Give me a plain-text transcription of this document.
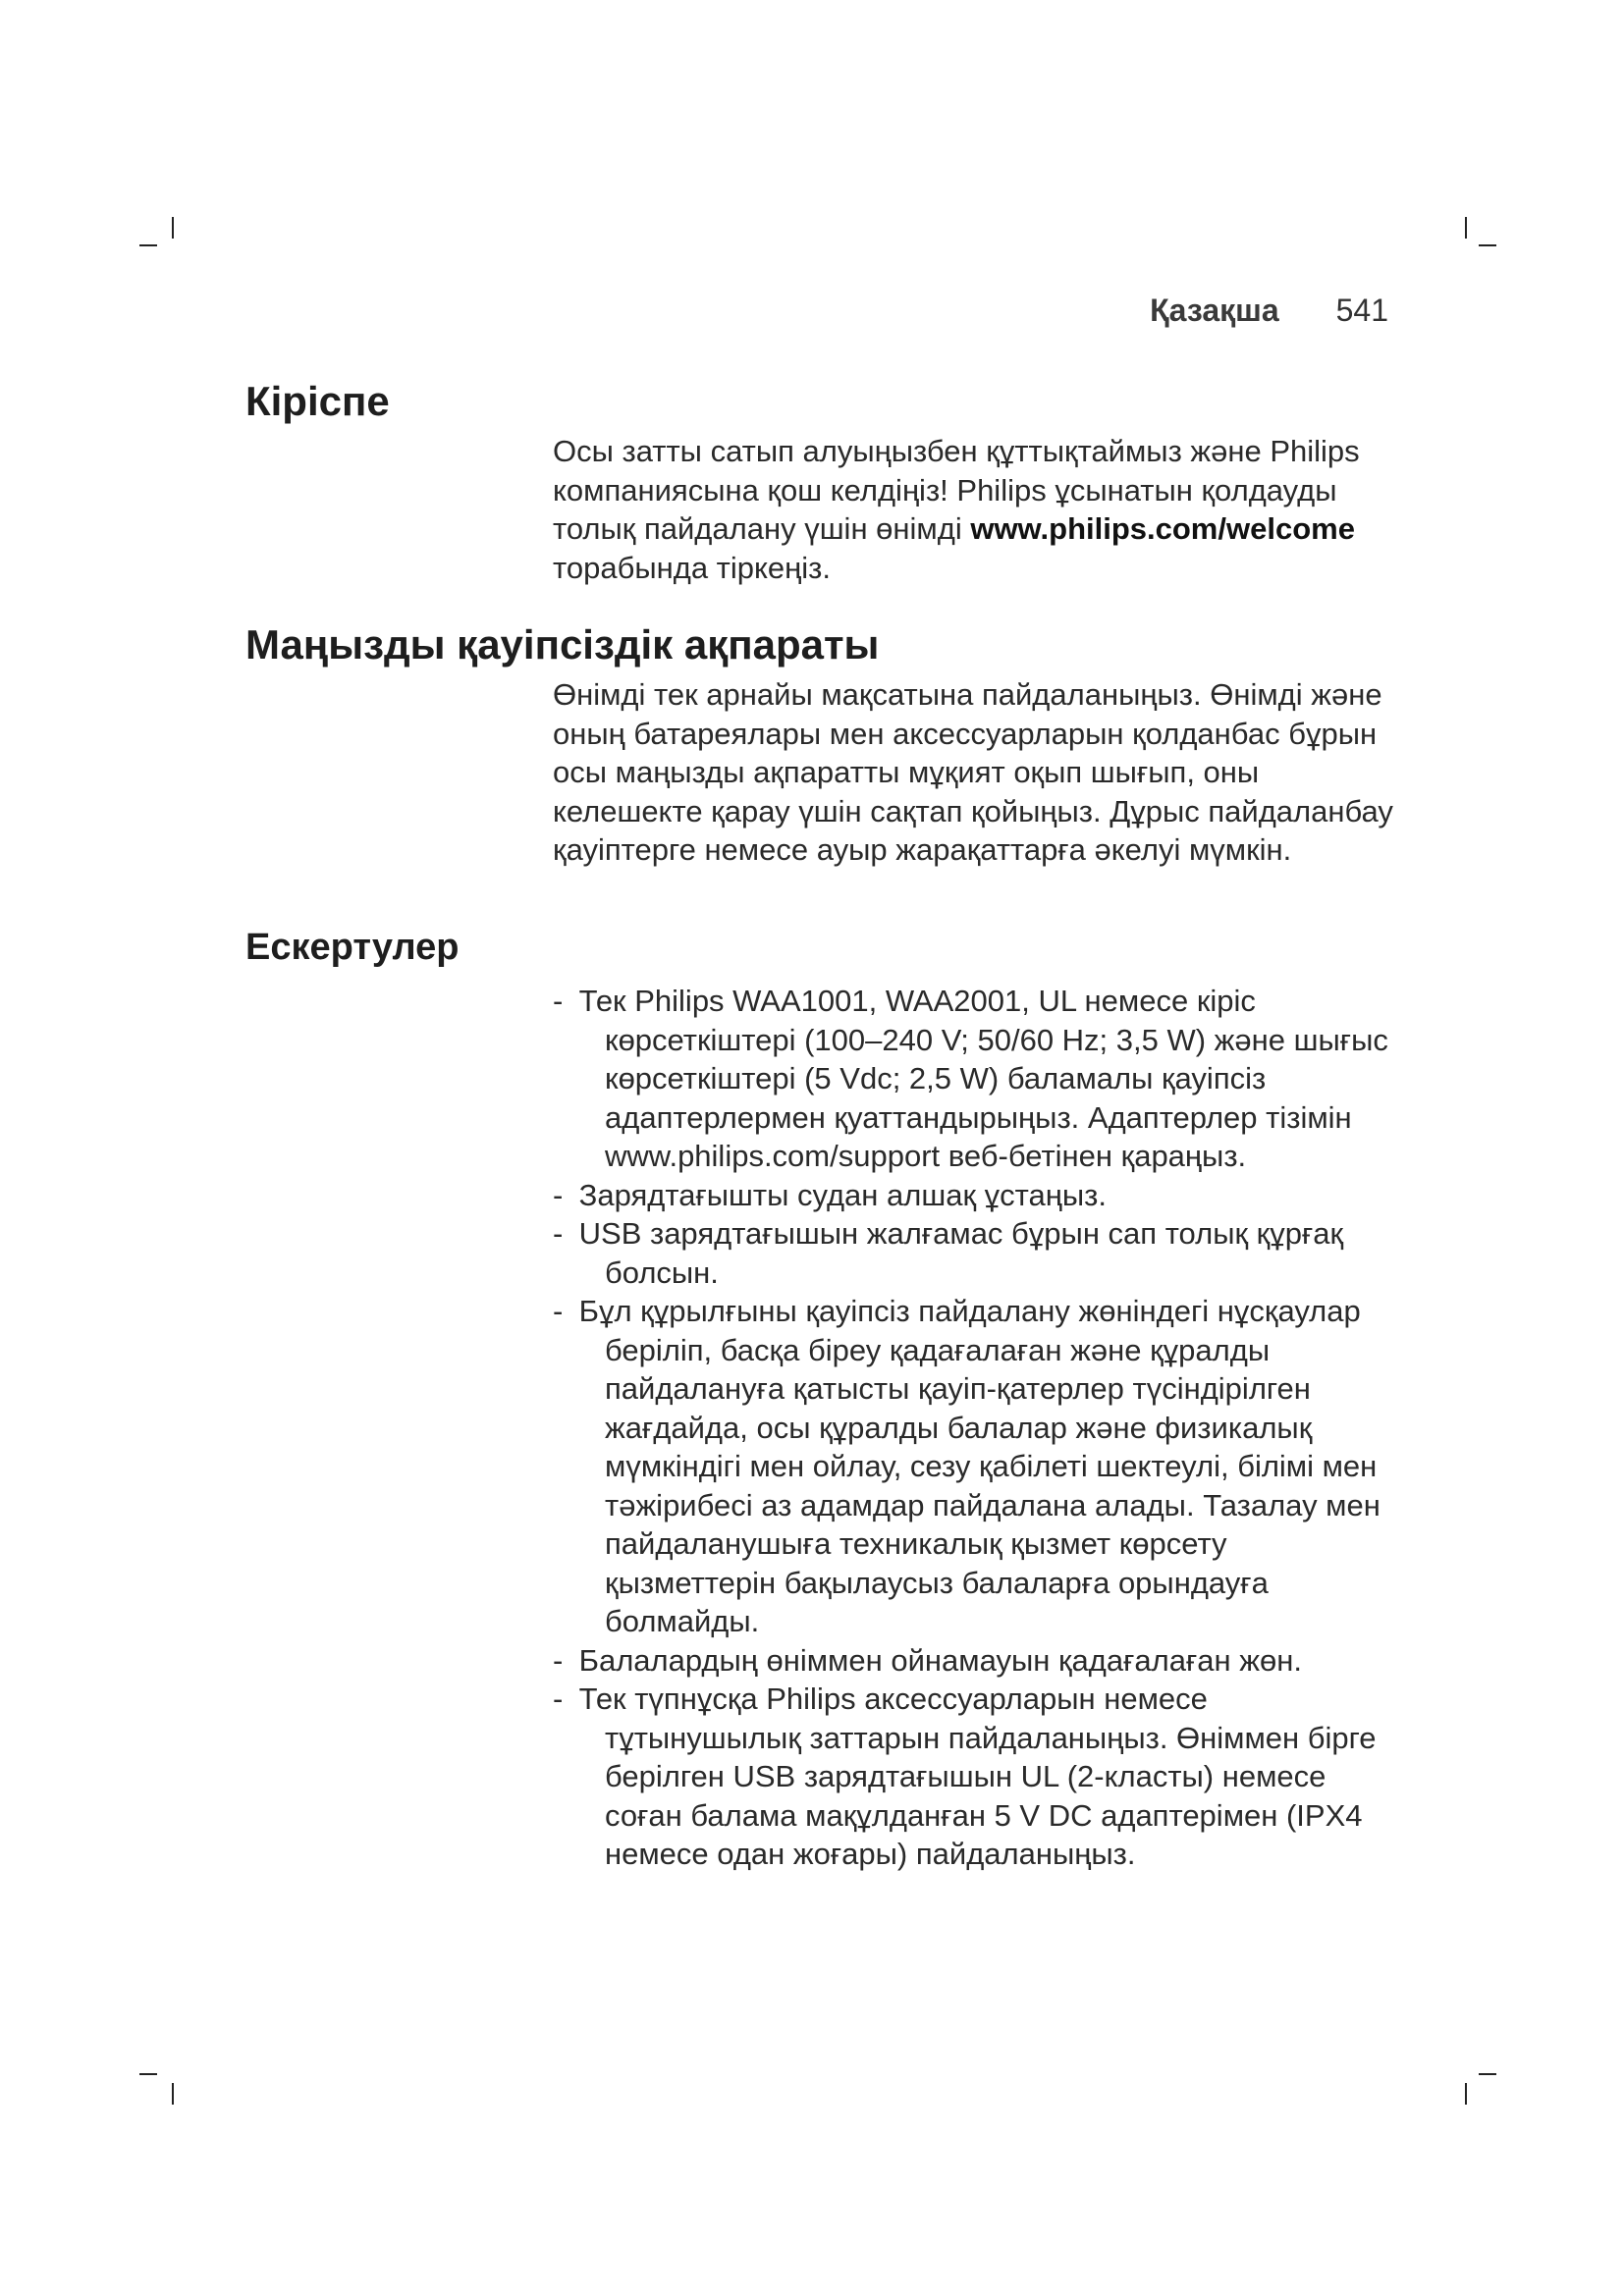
Қазақша 541
Кіріспе

Осы затты сатып алуыңызбен құттықтаймыз және Philips компаниясына қош келдіңіз! Philips ұсынатын қолдауды толық пайдалану үшін өнімді www.philips.com/welcome торабында тіркеңіз.

Маңызды қауіпсіздік ақпараты

Өнімді тек арнайы мақсатына пайдаланыңыз. Өнімді және оның батареялары мен аксессуарларын қолданбас бұрын осы маңызды ақпаратты мұқият оқып шығып, оны келешекте қарау үшін сақтап қойыңыз. Дұрыс пайдаланбау қауіптерге немесе ауыр жарақаттарға әкелуі мүмкін.

Ескертулер
- Тек Philips WAA1001, WAA2001, UL немесе кіріс көрсеткіштері (100–240 V; 50/60 Hz; 3,5 W) және шығыс көрсеткіштері (5 Vdc; 2,5 W) баламалы қауіпсіз адаптерлермен қуаттандырыңыз. Адаптерлер тізімін www.philips.com/support веб-бетінен қараңыз.
- Зарядтағышты судан алшақ ұстаңыз.
- USB зарядтағышын жалғамас бұрын сап толық құрғақ болсын.
- Бұл құрылғыны қауіпсіз пайдалану жөніндегі нұсқаулар беріліп, басқа біреу қадағалаған және құралды пайдалануға қатысты қауіп-қатерлер түсіндірілген жағдайда, осы құралды балалар және физикалық мүмкіндігі мен ойлау, сезу қабілеті шектеулі, білімі мен тәжірибесі аз адамдар пайдалана алады. Тазалау мен пайдаланушыға техникалық қызмет көрсету қызметтерін бақылаусыз балаларға орындауға болмайды.
- Балалардың өніммен ойнамауын қадағалаған жөн.
- Тек түпнұсқа Philips аксессуарларын немесе тұтынушылық заттарын пайдаланыңыз. Өніммен бірге берілген USB зарядтағышын UL (2-класты) немесе соған балама мақұлданған 5 V DC адаптерімен (IPX4 немесе одан жоғары) пайдаланыңыз.
